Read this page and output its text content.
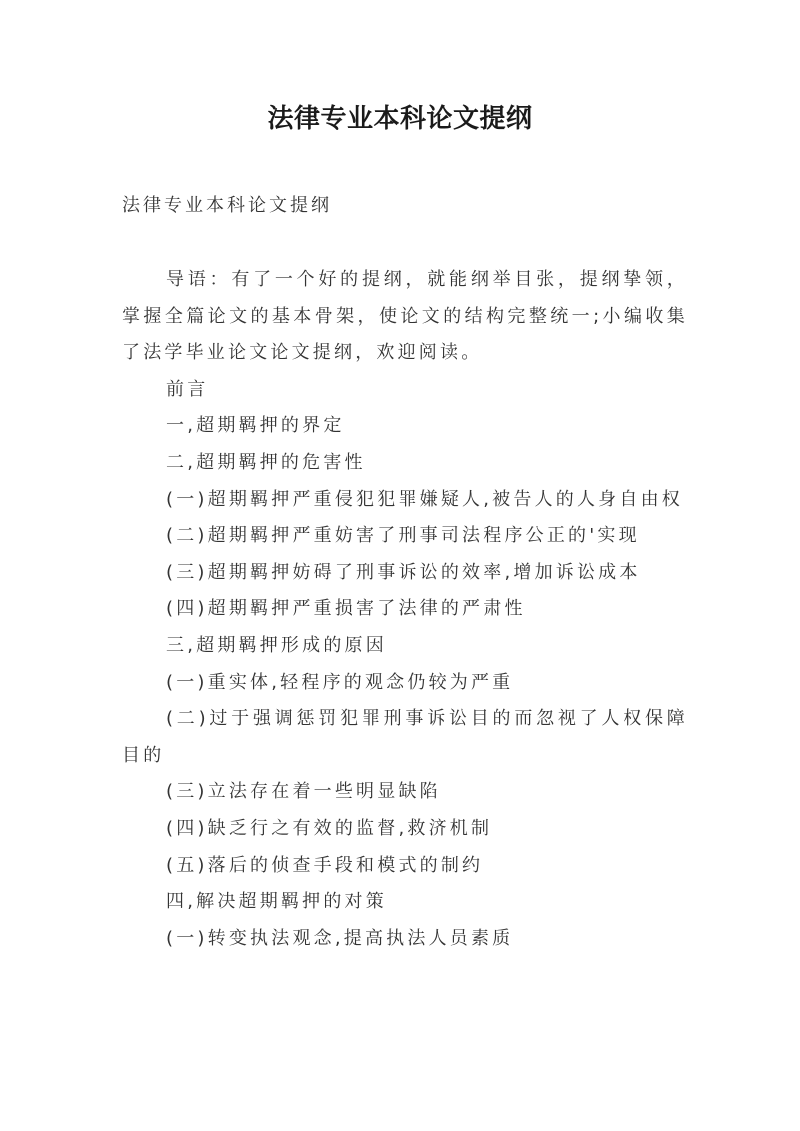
法律专业本科论文提纲
法律专业本科论文提纲

导语：有了一个好的提纲，就能纲举目张，提纲挚领，掌握全篇论文的基本骨架，使论文的结构完整统一;小编收集了法学毕业论文论文提纲，欢迎阅读。

前言

一,超期羁押的界定

二,超期羁押的危害性

(一)超期羁押严重侵犯犯罪嫌疑人,被告人的人身自由权

(二)超期羁押严重妨害了刑事司法程序公正的'实现

(三)超期羁押妨碍了刑事诉讼的效率,增加诉讼成本

(四)超期羁押严重损害了法律的严肃性

三,超期羁押形成的原因

(一)重实体,轻程序的观念仍较为严重

(二)过于强调惩罚犯罪刑事诉讼目的而忽视了人权保障目的

(三)立法存在着一些明显缺陷

(四)缺乏行之有效的监督,救济机制

(五)落后的侦查手段和模式的制约

四,解决超期羁押的对策

(一)转变执法观念,提高执法人员素质
